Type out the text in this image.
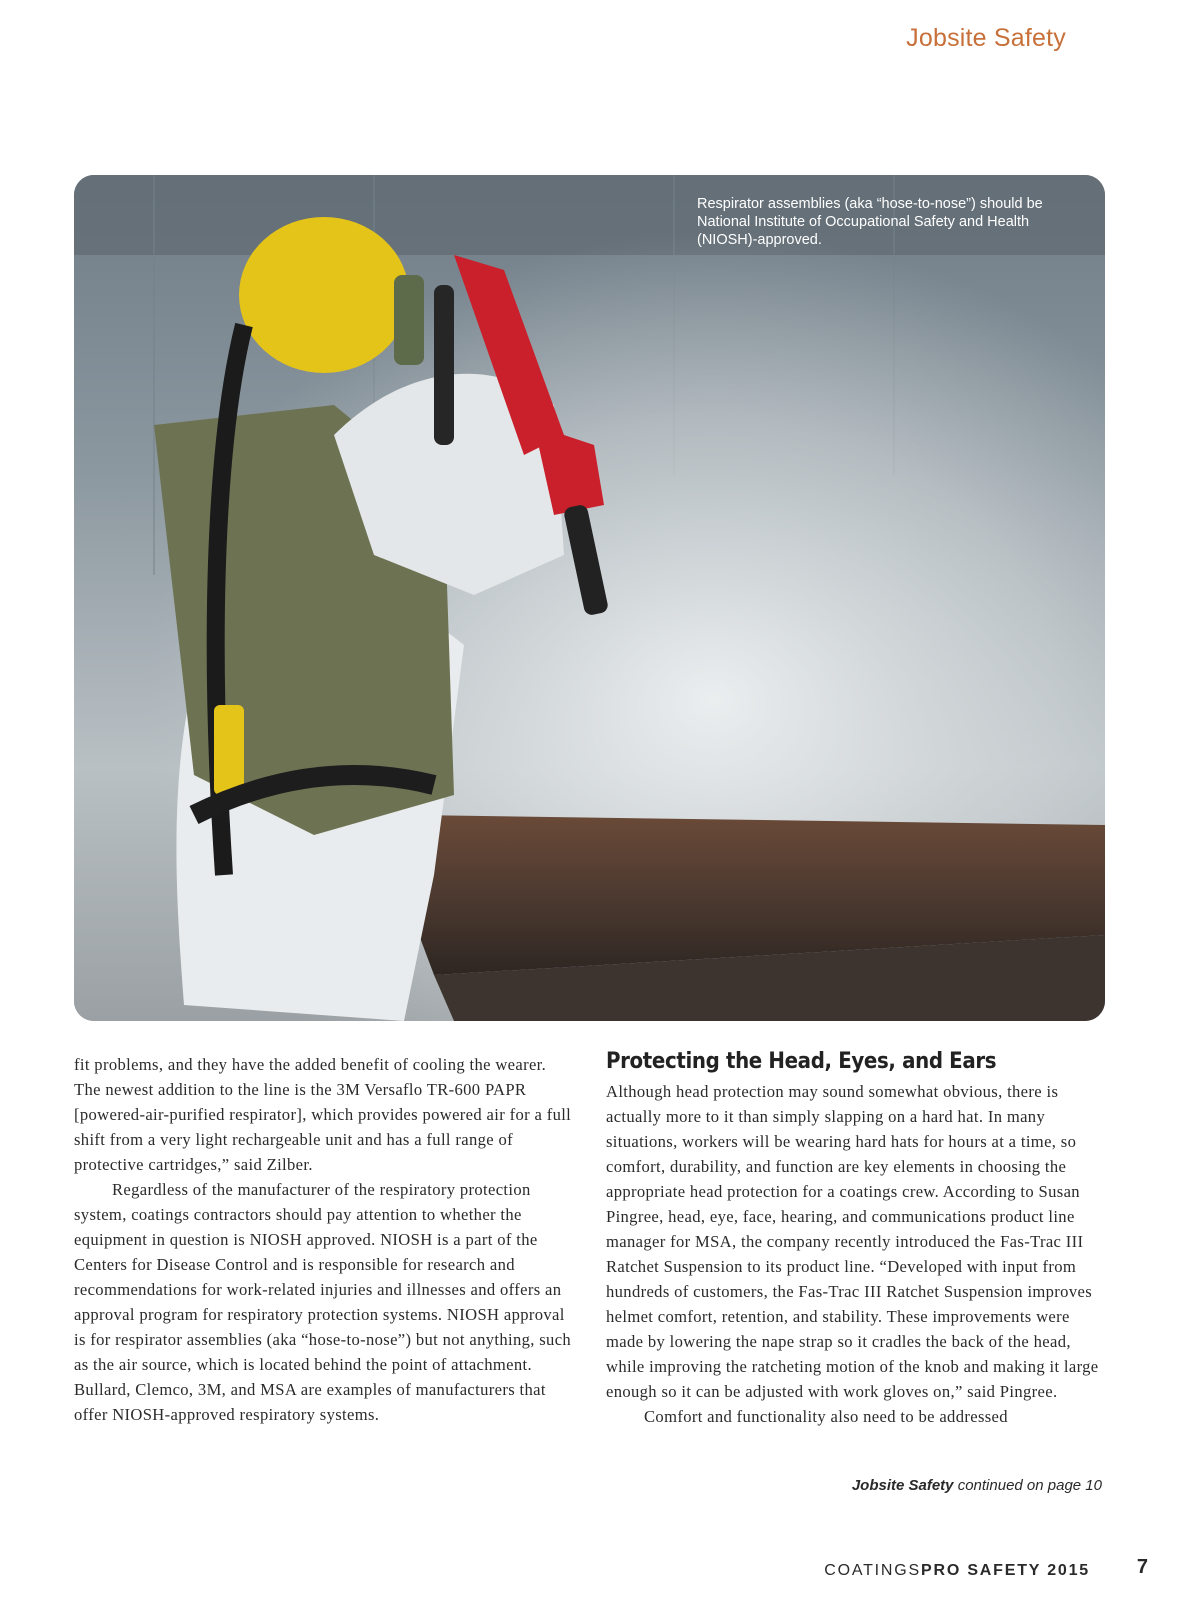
Jobsite Safety
Respirator assemblies (aka “hose-to-nose”) should be National Institute of Occupational Safety and Health (NIOSH)-approved.

fit problems, and they have the added benefit of cooling the wearer. The newest addition to the line is the 3M Versaflo TR-600 PAPR [powered-air-purified respirator], which provides powered air for a full shift from a very light rechargeable unit and has a full range of protective cartridges,” said Zilber.

Regardless of the manufacturer of the respiratory protection system, coatings contractors should pay attention to whether the equipment in question is NIOSH approved. NIOSH is a part of the Centers for Disease Control and is responsible for research and recommendations for work-related injuries and illnesses and offers an approval program for respiratory protection systems. NIOSH approval is for respirator assemblies (aka “hose-to-nose”) but not anything, such as the air source, which is located behind the point of attachment. Bullard, Clemco, 3M, and MSA are examples of manufacturers that offer NIOSH-approved respiratory systems.

Protecting the Head, Eyes, and Ears

Although head protection may sound somewhat obvious, there is actually more to it than simply slapping on a hard hat. In many situations, workers will be wearing hard hats for hours at a time, so comfort, durability, and function are key elements in choosing the appropriate head protection for a coatings crew. According to Susan Pingree, head, eye, face, hearing, and communications product line manager for MSA, the company recently introduced the Fas-Trac III Ratchet Suspension to its product line. “Developed with input from hundreds of customers, the Fas-Trac III Ratchet Suspension improves helmet comfort, retention, and stability. These improvements were made by lowering the nape strap so it cradles the back of the head, while improving the ratcheting motion of the knob and making it large enough so it can be adjusted with work gloves on,” said Pingree.

Comfort and functionality also need to be addressed

Jobsite Safety continued on page 10
COATINGSPRO SAFETY 2015 7
